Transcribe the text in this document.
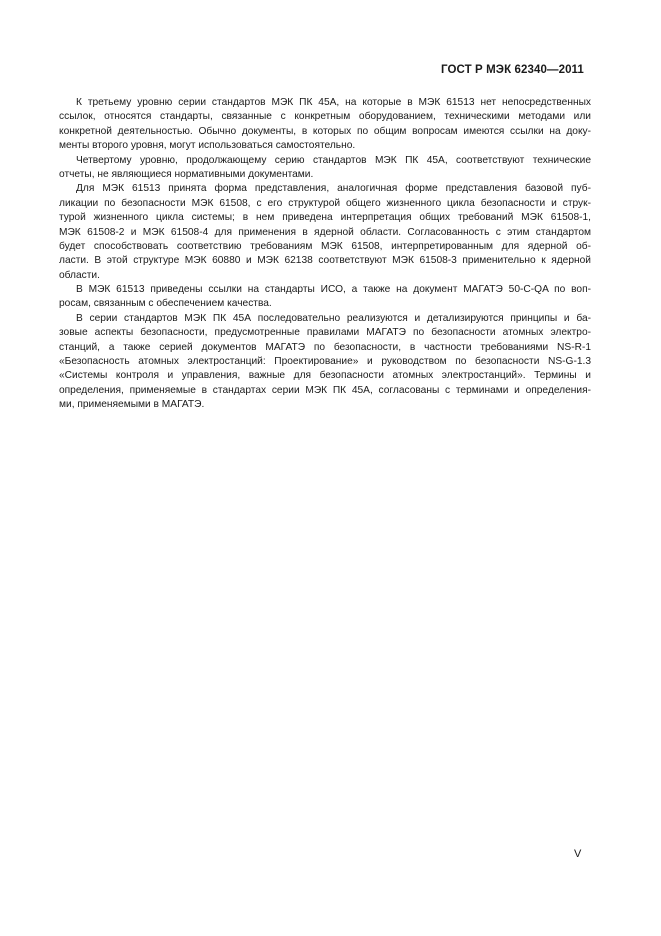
ГОСТ Р МЭК 62340—2011
К третьему уровню серии стандартов МЭК ПК 45А, на которые в МЭК 61513 нет непосредственных
ссылок, относятся стандарты, связанные с конкретным оборудованием, техническими методами или
конкретной деятельностью. Обычно документы, в которых по общим вопросам имеются ссылки на доку-
менты второго уровня, могут использоваться самостоятельно.
Четвертому уровню, продолжающему серию стандартов МЭК ПК 45А, соответствуют технические
отчеты, не являющиеся нормативными документами.
Для МЭК 61513 принята форма представления, аналогичная форме представления базовой пуб-
ликации по безопасности МЭК 61508, с его структурой общего жизненного цикла безопасности и струк-
турой жизненного цикла системы; в нем приведена интерпретация общих требований МЭК 61508-1,
МЭК 61508-2 и МЭК 61508-4 для применения в ядерной области. Согласованность с этим стандартом
будет способствовать соответствию требованиям МЭК 61508, интерпретированным для ядерной об-
ласти. В этой структуре МЭК 60880 и МЭК 62138 соответствуют МЭК 61508-3 применительно к ядерной
области.
В МЭК 61513 приведены ссылки на стандарты ИСО, а также на документ МАГАТЭ 50-C-QA по воп-
росам, связанным с обеспечением качества.
В серии стандартов МЭК ПК 45А последовательно реализуются и детализируются принципы и ба-
зовые аспекты безопасности, предусмотренные правилами МАГАТЭ по безопасности атомных электро-
станций, а также серией документов МАГАТЭ по безопасности, в частности требованиями NS-R-1
«Безопасность атомных электростанций: Проектирование» и руководством по безопасности NS-G-1.3
«Системы контроля и управления, важные для безопасности атомных электростанций». Термины и
определения, применяемые в стандартах серии МЭК ПК 45А, согласованы с терминами и определения-
ми, применяемыми в МАГАТЭ.
V
